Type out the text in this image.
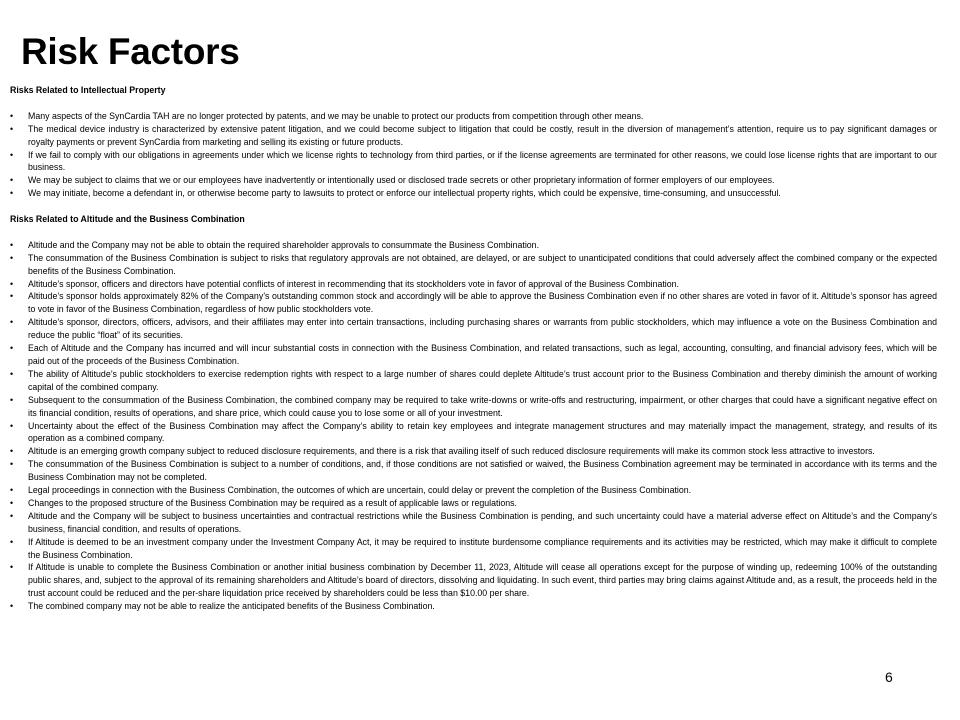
Risk Factors
Risks Related to Intellectual Property
• Many aspects of the SynCardia TAH are no longer protected by patents, and we may be unable to protect our products from competition through other means.
• The medical device industry is characterized by extensive patent litigation, and we could become subject to litigation that could be costly, result in the diversion of management’s attention, require us to pay significant damages or royalty payments or prevent SynCardia from marketing and selling its existing or future products.
• If we fail to comply with our obligations in agreements under which we license rights to technology from third parties, or if the license agreements are terminated for other reasons, we could lose license rights that are important to our business.
• We may be subject to claims that we or our employees have inadvertently or intentionally used or disclosed trade secrets or other proprietary information of former employers of our employees.
• We may initiate, become a defendant in, or otherwise become party to lawsuits to protect or enforce our intellectual property rights, which could be expensive, time-consuming, and unsuccessful.
Risks Related to Altitude and the Business Combination
• Altitude and the Company may not be able to obtain the required shareholder approvals to consummate the Business Combination.
• The consummation of the Business Combination is subject to risks that regulatory approvals are not obtained, are delayed, or are subject to unanticipated conditions that could adversely affect the combined company or the expected benefits of the Business Combination.
• Altitude’s sponsor, officers and directors have potential conflicts of interest in recommending that its stockholders vote in favor of approval of the Business Combination.
• Altitude’s sponsor holds approximately 82% of the Company’s outstanding common stock and accordingly will be able to approve the Business Combination even if no other shares are voted in favor of it. Altitude’s sponsor has agreed to vote in favor of the Business Combination, regardless of how public stockholders vote.
• Altitude’s sponsor, directors, officers, advisors, and their affiliates may enter into certain transactions, including purchasing shares or warrants from public stockholders, which may influence a vote on the Business Combination and reduce the public “float” of its securities.
• Each of Altitude and the Company has incurred and will incur substantial costs in connection with the Business Combination, and related transactions, such as legal, accounting, consulting, and financial advisory fees, which will be paid out of the proceeds of the Business Combination.
• The ability of Altitude’s public stockholders to exercise redemption rights with respect to a large number of shares could deplete Altitude’s trust account prior to the Business Combination and thereby diminish the amount of working capital of the combined company.
• Subsequent to the consummation of the Business Combination, the combined company may be required to take write-downs or write-offs and restructuring, impairment, or other charges that could have a significant negative effect on its financial condition, results of operations, and share price, which could cause you to lose some or all of your investment.
• Uncertainty about the effect of the Business Combination may affect the Company’s ability to retain key employees and integrate management structures and may materially impact the management, strategy, and results of its operation as a combined company.
• Altitude is an emerging growth company subject to reduced disclosure requirements, and there is a risk that availing itself of such reduced disclosure requirements will make its common stock less attractive to investors.
• The consummation of the Business Combination is subject to a number of conditions, and, if those conditions are not satisfied or waived, the Business Combination agreement may be terminated in accordance with its terms and the Business Combination may not be completed.
• Legal proceedings in connection with the Business Combination, the outcomes of which are uncertain, could delay or prevent the completion of the Business Combination.
• Changes to the proposed structure of the Business Combination may be required as a result of applicable laws or regulations.
• Altitude and the Company will be subject to business uncertainties and contractual restrictions while the Business Combination is pending, and such uncertainty could have a material adverse effect on Altitude’s and the Company’s business, financial condition, and results of operations.
• If Altitude is deemed to be an investment company under the Investment Company Act, it may be required to institute burdensome compliance requirements and its activities may be restricted, which may make it difficult to complete the Business Combination.
• If Altitude is unable to complete the Business Combination or another initial business combination by December 11, 2023, Altitude will cease all operations except for the purpose of winding up, redeeming 100% of the outstanding public shares, and, subject to the approval of its remaining shareholders and Altitude’s board of directors, dissolving and liquidating. In such event, third parties may bring claims against Altitude and, as a result, the proceeds held in the trust account could be reduced and the per-share liquidation price received by shareholders could be less than $10.00 per share.
• The combined company may not be able to realize the anticipated benefits of the Business Combination.
6
